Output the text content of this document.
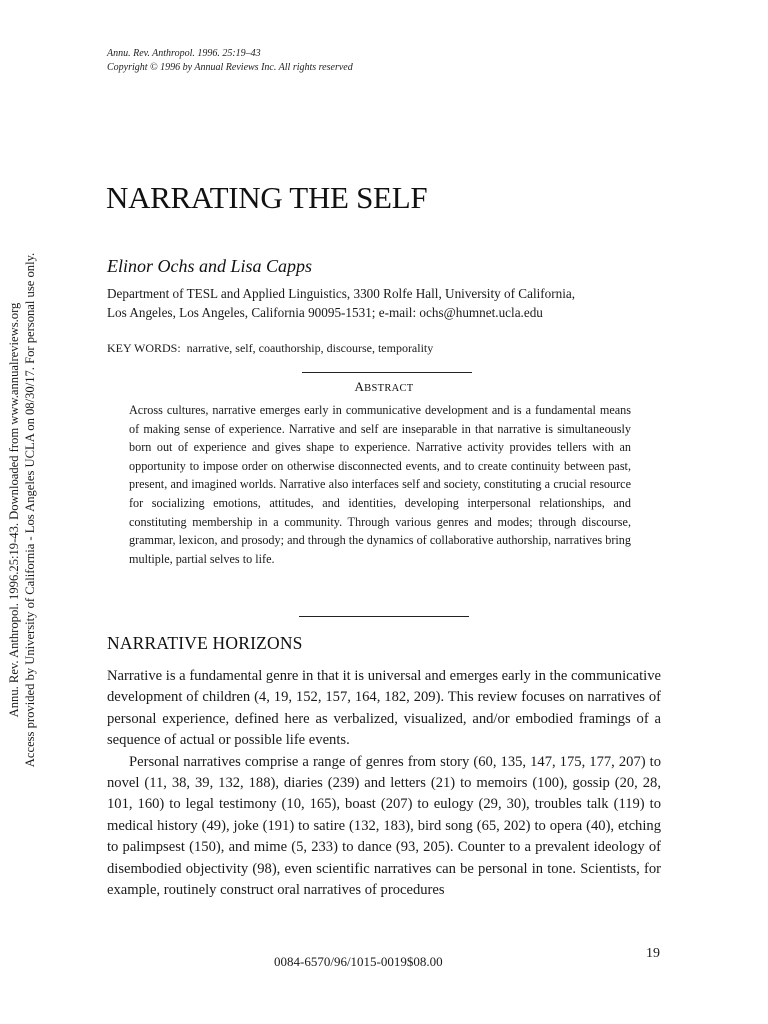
Annu. Rev. Anthropol. 1996. 25:19–43
Copyright © 1996 by Annual Reviews Inc. All rights reserved
Annu. Rev. Anthropol. 1996.25:19-43. Downloaded from www.annualreviews.org Access provided by University of California - Los Angeles UCLA on 08/30/17. For personal use only.
NARRATING THE SELF
Elinor Ochs and Lisa Capps
Department of TESL and Applied Linguistics, 3300 Rolfe Hall, University of California,
Los Angeles, Los Angeles, California 90095-1531; e-mail: ochs@humnet.ucla.edu
KEY WORDS: narrative, self, coauthorship, discourse, temporality
ABSTRACT

Across cultures, narrative emerges early in communicative development and is a fundamental means of making sense of experience. Narrative and self are inseparable in that narrative is simultaneously born out of experience and gives shape to experience. Narrative activity provides tellers with an opportunity to impose order on otherwise disconnected events, and to create continuity between past, present, and imagined worlds. Narrative also interfaces self and society, constituting a crucial resource for socializing emotions, attitudes, and identities, developing interpersonal relationships, and constituting membership in a community. Through various genres and modes; through discourse, grammar, lexicon, and prosody; and through the dynamics of collaborative authorship, narratives bring multiple, partial selves to life.

NARRATIVE HORIZONS

Narrative is a fundamental genre in that it is universal and emerges early in the communicative development of children (4, 19, 152, 157, 164, 182, 209). This review focuses on narratives of personal experience, defined here as verbalized, visualized, and/or embodied framings of a sequence of actual or possible life events.

Personal narratives comprise a range of genres from story (60, 135, 147, 175, 177, 207) to novel (11, 38, 39, 132, 188), diaries (239) and letters (21) to memoirs (100), gossip (20, 28, 101, 160) to legal testimony (10, 165), boast (207) to eulogy (29, 30), troubles talk (119) to medical history (49), joke (191) to satire (132, 183), bird song (65, 202) to opera (40), etching to palimpsest (150), and mime (5, 233) to dance (93, 205). Counter to a prevalent ideology of disembodied objectivity (98), even scientific narratives can be personal in tone. Scientists, for example, routinely construct oral narratives of procedures

0084-6570/96/1015-0019$08.00
19
